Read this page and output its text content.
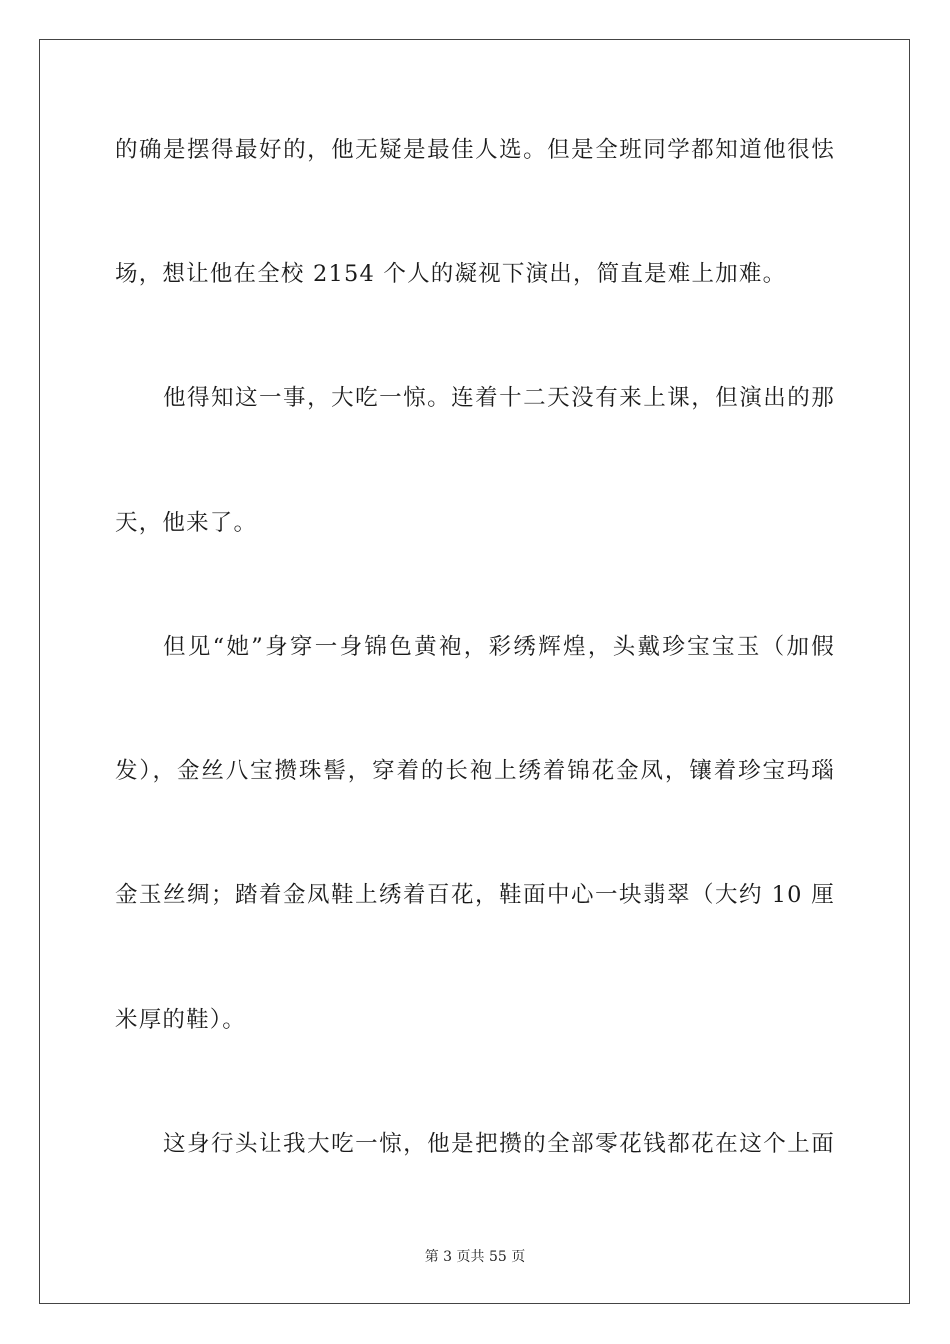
的确是摆得最好的，他无疑是最佳人选。但是全班同学都知道他很怯
场，想让他在全校 2154 个人的凝视下演出，简直是难上加难。
他得知这一事，大吃一惊。连着十二天没有来上课，但演出的那
天，他来了。
但见“她”身穿一身锦色黄袍，彩绣辉煌，头戴珍宝宝玉（加假
发），金丝八宝攒珠髻，穿着的长袍上绣着锦花金凤，镶着珍宝玛瑙
金玉丝绸；踏着金凤鞋上绣着百花，鞋面中心一块翡翠（大约 10 厘
米厚的鞋）。
这身行头让我大吃一惊，他是把攒的全部零花钱都花在这个上面
第 3 页共 55 页
